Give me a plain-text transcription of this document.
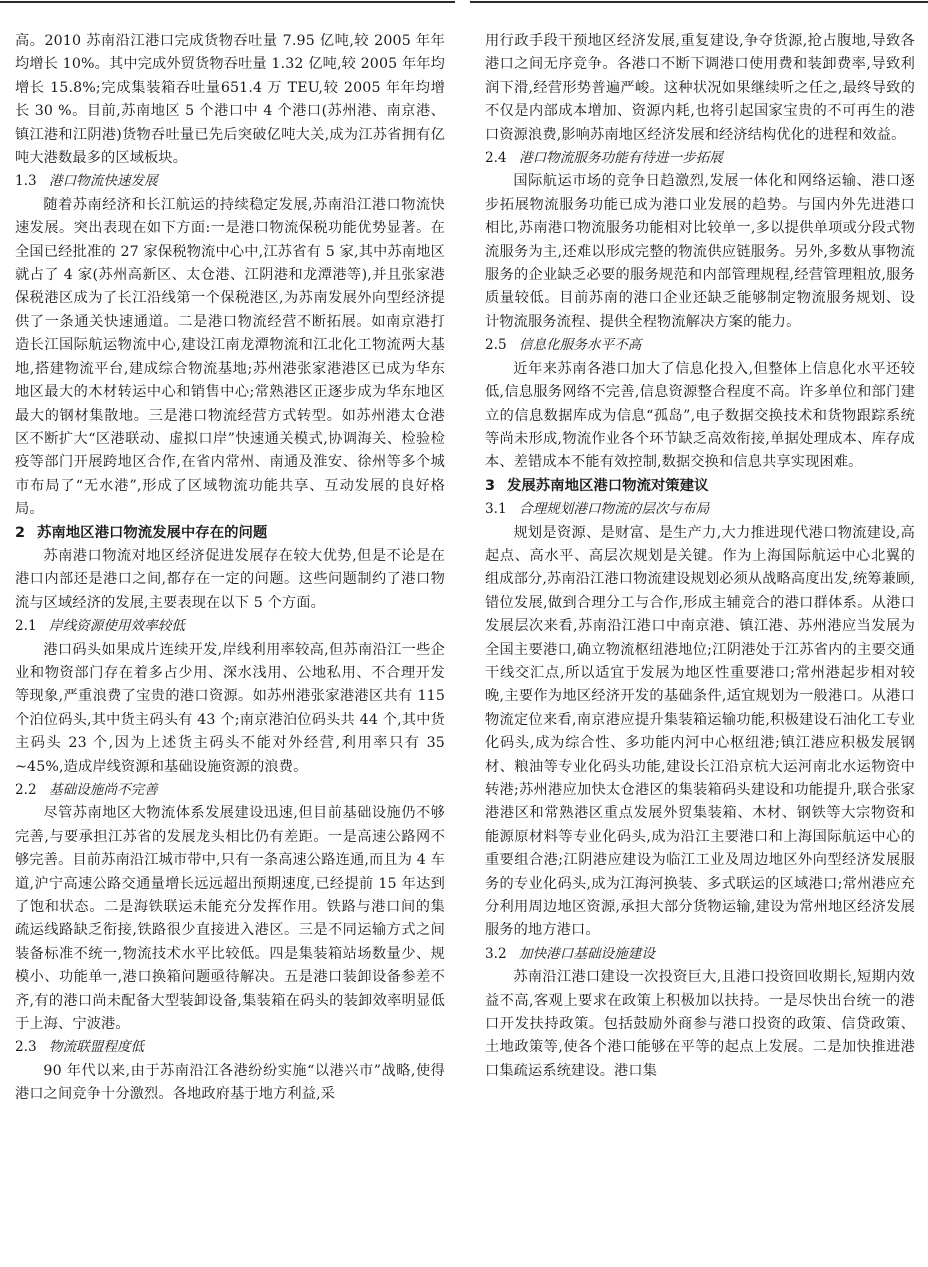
高。2010 苏南沿江港口完成货物吞吐量 7.95 亿吨,较 2005 年年均增长 10%。其中完成外贸货物吞吐量 1.32 亿吨,较 2005 年年均增长 15.8%;完成集装箱吞吐量651.4 万 TEU,较 2005 年年均增长 30 %。目前,苏南地区 5 个港口中 4 个港口(苏州港、南京港、镇江港和江阴港)货物吞吐量已先后突破亿吨大关,成为江苏省拥有亿吨大港数最多的区域板块。

1.3 港口物流快速发展

随着苏南经济和长江航运的持续稳定发展,苏南沿江港口物流快速发展。突出表现在如下方面:一是港口物流保税功能优势显著。在全国已经批准的 27 家保税物流中心中,江苏省有 5 家,其中苏南地区就占了 4 家(苏州高新区、太仓港、江阴港和龙潭港等),并且张家港保税港区成为了长江沿线第一个保税港区,为苏南发展外向型经济提供了一条通关快速通道。二是港口物流经营不断拓展。如南京港打造长江国际航运物流中心,建设江南龙潭物流和江北化工物流两大基地,搭建物流平台,建成综合物流基地;苏州港张家港港区已成为华东地区最大的木材转运中心和销售中心;常熟港区正逐步成为华东地区最大的钢材集散地。三是港口物流经营方式转型。如苏州港太仓港区不断扩大“区港联动、虚拟口岸”快速通关模式,协调海关、检验检疫等部门开展跨地区合作,在省内常州、南通及淮安、徐州等多个城市布局了“无水港”,形成了区域物流功能共享、互动发展的良好格局。

2 苏南地区港口物流发展中存在的问题

苏南港口物流对地区经济促进发展存在较大优势,但是不论是在港口内部还是港口之间,都存在一定的问题。这些问题制约了港口物流与区域经济的发展,主要表现在以下 5 个方面。

2.1 岸线资源使用效率较低

港口码头如果成片连续开发,岸线利用率较高,但苏南沿江一些企业和物资部门存在着多占少用、深水浅用、公地私用、不合理开发等现象,严重浪费了宝贵的港口资源。如苏州港张家港港区共有 115 个泊位码头,其中货主码头有 43 个;南京港泊位码头共 44 个,其中货主码头 23 个,因为上述货主码头不能对外经营,利用率只有 35 ~45%,造成岸线资源和基础设施资源的浪费。

2.2 基础设施尚不完善

尽管苏南地区大物流体系发展建设迅速,但目前基础设施仍不够完善,与要承担江苏省的发展龙头相比仍有差距。一是高速公路网不够完善。目前苏南沿江城市带中,只有一条高速公路连通,而且为 4 车道,沪宁高速公路交通量增长远远超出预期速度,已经提前 15 年达到了饱和状态。二是海铁联运未能充分发挥作用。铁路与港口间的集疏运线路缺乏衔接,铁路很少直接进入港区。三是不同运输方式之间装备标准不统一,物流技术水平比较低。四是集装箱站场数量少、规模小、功能单一,港口换箱问题亟待解决。五是港口装卸设备参差不齐,有的港口尚未配备大型装卸设备,集装箱在码头的装卸效率明显低于上海、宁波港。

2.3 物流联盟程度低

90 年代以来,由于苏南沿江各港纷纷实施“以港兴市”战略,使得港口之间竞争十分激烈。各地政府基于地方利益,采

用行政手段干预地区经济发展,重复建设,争夺货源,抢占腹地,导致各港口之间无序竞争。各港口不断下调港口使用费和装卸费率,导致利润下滑,经营形势普遍严峻。这种状况如果继续听之任之,最终导致的不仅是内部成本增加、资源内耗,也将引起国家宝贵的不可再生的港口资源浪费,影响苏南地区经济发展和经济结构优化的进程和效益。

2.4 港口物流服务功能有待进一步拓展

国际航运市场的竞争日趋激烈,发展一体化和网络运输、港口逐步拓展物流服务功能已成为港口业发展的趋势。与国内外先进港口相比,苏南港口物流服务功能相对比较单一,多以提供单项或分段式物流服务为主,还难以形成完整的物流供应链服务。另外,多数从事物流服务的企业缺乏必要的服务规范和内部管理规程,经营管理粗放,服务质量较低。目前苏南的港口企业还缺乏能够制定物流服务规划、设计物流服务流程、提供全程物流解决方案的能力。

2.5 信息化服务水平不高

近年来苏南各港口加大了信息化投入,但整体上信息化水平还较低,信息服务网络不完善,信息资源整合程度不高。许多单位和部门建立的信息数据库成为信息“孤岛”,电子数据交换技术和货物跟踪系统等尚未形成,物流作业各个环节缺乏高效衔接,单据处理成本、库存成本、差错成本不能有效控制,数据交换和信息共享实现困难。

3 发展苏南地区港口物流对策建议
3.1 合理规划港口物流的层次与布局

规划是资源、是财富、是生产力,大力推进现代港口物流建设,高起点、高水平、高层次规划是关键。作为上海国际航运中心北翼的组成部分,苏南沿江港口物流建设规划必须从战略高度出发,统筹兼顾,错位发展,做到合理分工与合作,形成主辅竞合的港口群体系。从港口发展层次来看,苏南沿江港口中南京港、镇江港、苏州港应当发展为全国主要港口,确立物流枢纽港地位;江阴港处于江苏省内的主要交通干线交汇点,所以适宜于发展为地区性重要港口;常州港起步相对较晚,主要作为地区经济开发的基础条件,适宜规划为一般港口。从港口物流定位来看,南京港应提升集装箱运输功能,积极建设石油化工专业化码头,成为综合性、多功能内河中心枢纽港;镇江港应积极发展钢材、粮油等专业化码头功能,建设长江沿京杭大运河南北水运物资中转港;苏州港应加快太仓港区的集装箱码头建设和功能提升,联合张家港港区和常熟港区重点发展外贸集装箱、木材、钢铁等大宗物资和能源原材料等专业化码头,成为沿江主要港口和上海国际航运中心的重要组合港;江阴港应建设为临江工业及周边地区外向型经济发展服务的专业化码头,成为江海河换装、多式联运的区域港口;常州港应充分利用周边地区资源,承担大部分货物运输,建设为常州地区经济发展服务的地方港口。

3.2 加快港口基础设施建设

苏南沿江港口建设一次投资巨大,且港口投资回收期长,短期内效益不高,客观上要求在政策上积极加以扶持。一是尽快出台统一的港口开发扶持政策。包括鼓励外商参与港口投资的政策、信贷政策、土地政策等,使各个港口能够在平等的起点上发展。二是加快推进港口集疏运系统建设。港口集
